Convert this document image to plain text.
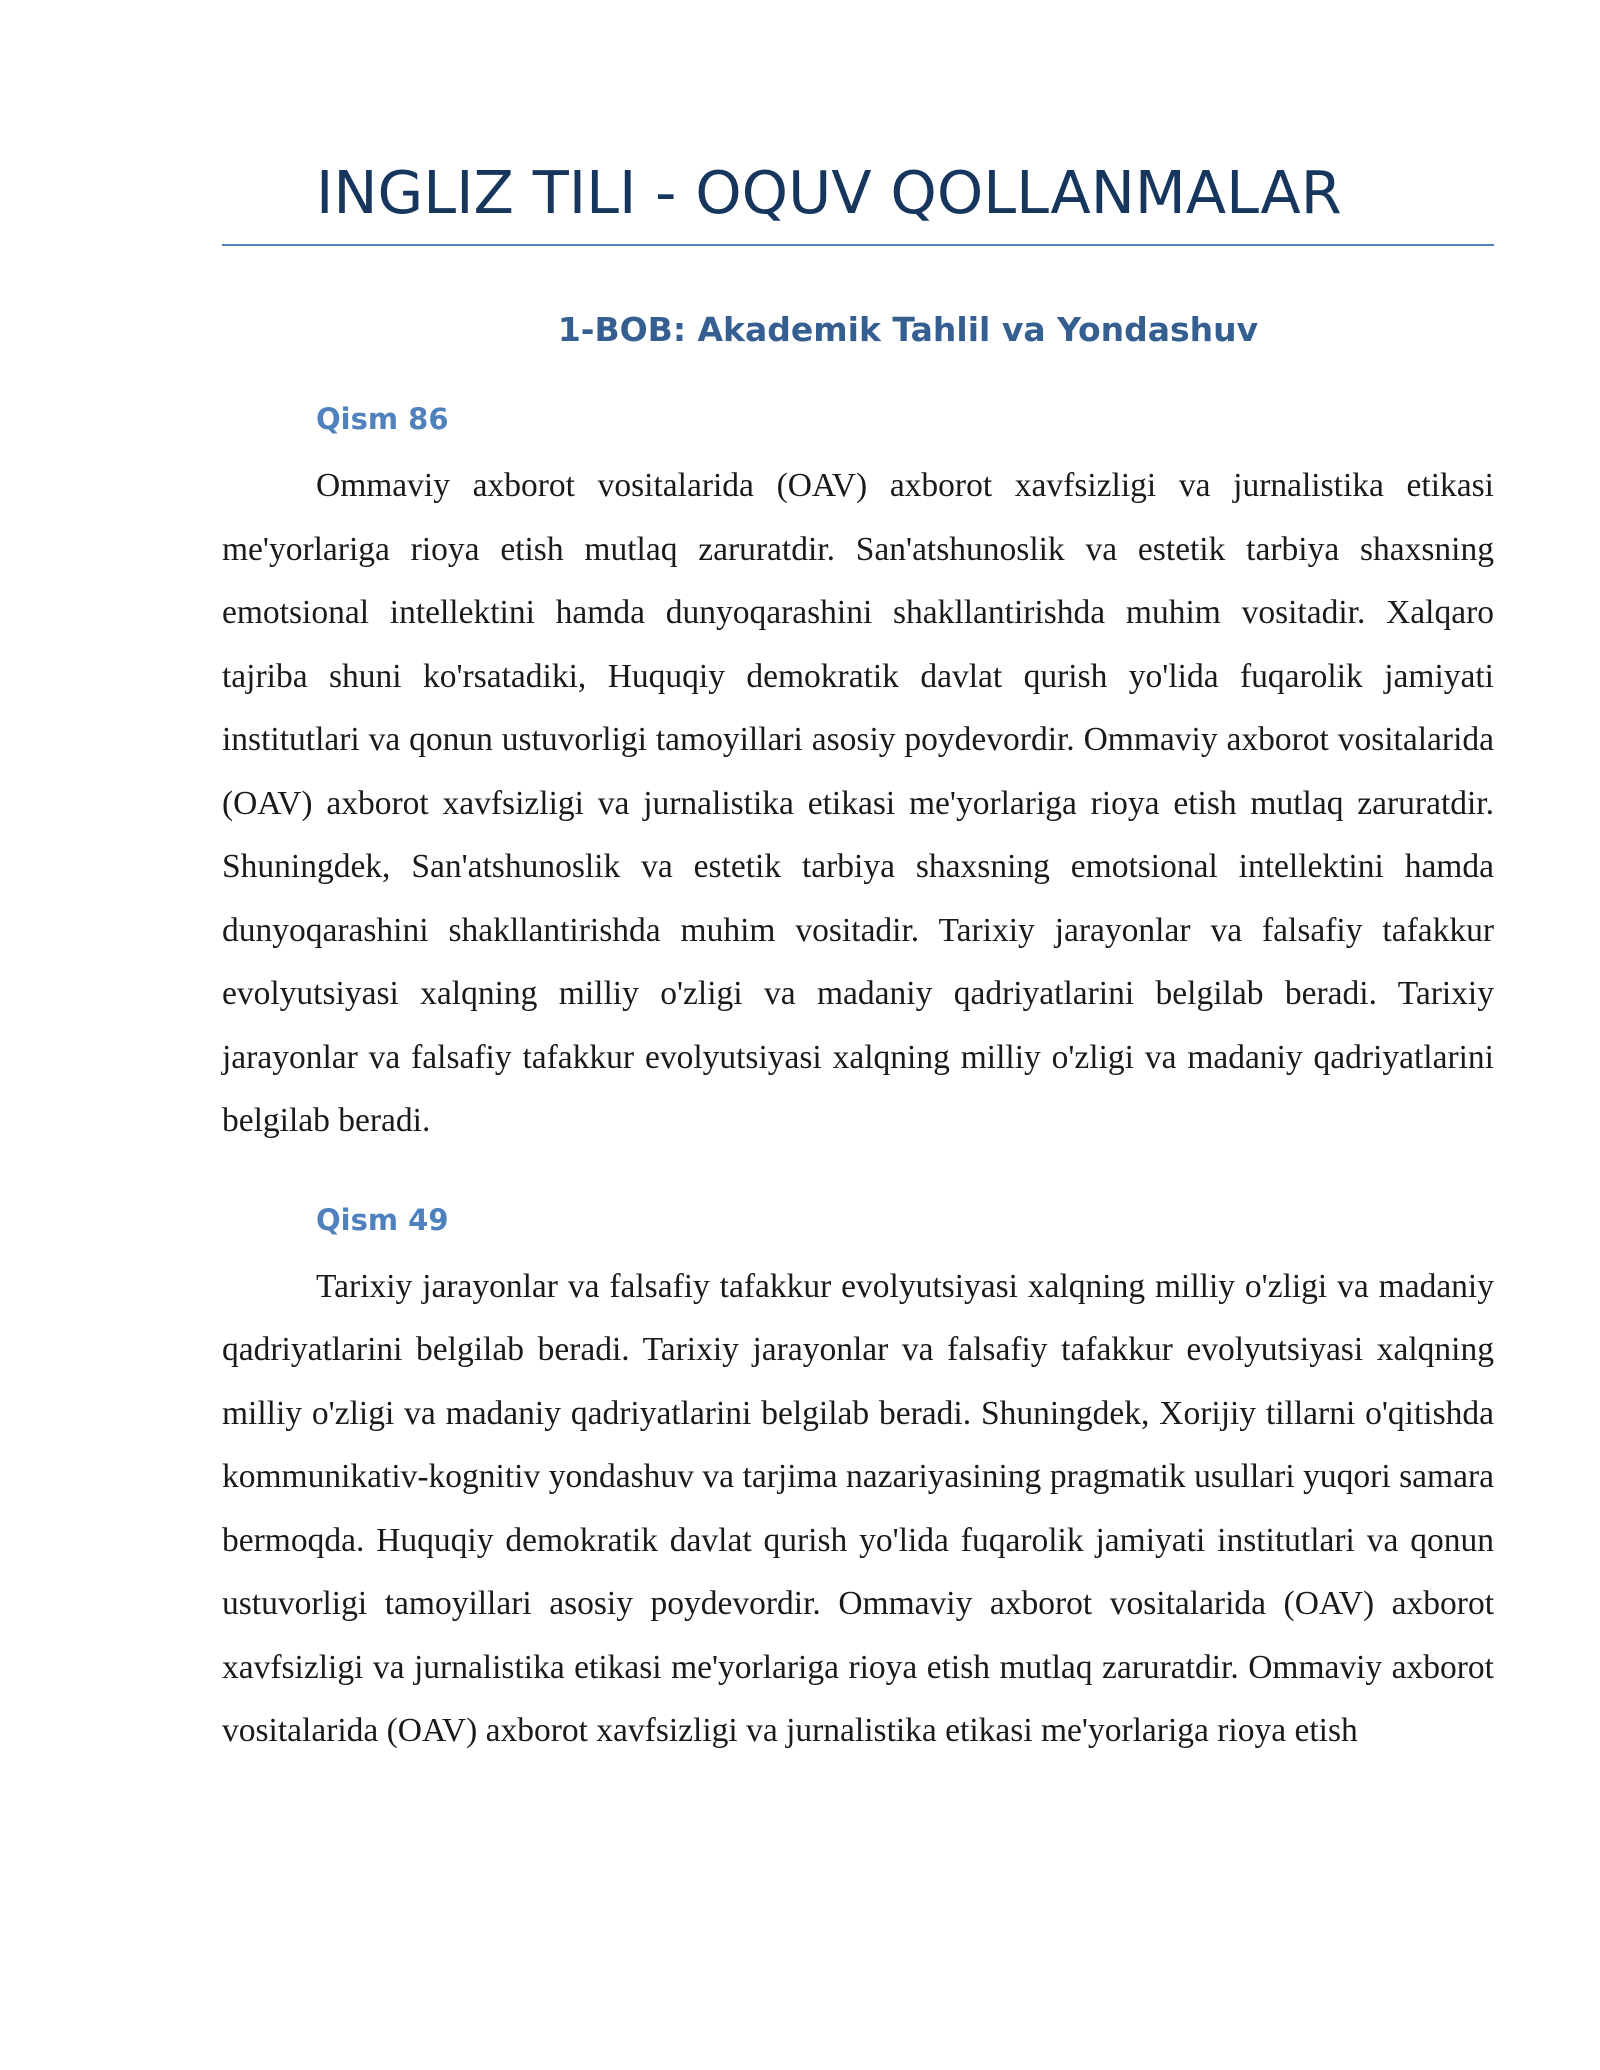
INGLIZ TILI - OQUV QOLLANMALAR
1-BOB: Akademik Tahlil va Yondashuv
Qism 86

Ommaviy axborot vositalarida (OAV) axborot xavfsizligi va jurnalistika etikasi me'yorlariga rioya etish mutlaq zaruratdir. San'atshunoslik va estetik tarbiya shaxsning emotsional intellektini hamda dunyoqarashini shakllantirishda muhim vositadir. Xalqaro tajriba shuni ko'rsatadiki, Huquqiy demokratik davlat qurish yo'lida fuqarolik jamiyati institutlari va qonun ustuvorligi tamoyillari asosiy poydevordir. Ommaviy axborot vositalarida (OAV) axborot xavfsizligi va jurnalistika etikasi me'yorlariga rioya etish mutlaq zaruratdir. Shuningdek, San'atshunoslik va estetik tarbiya shaxsning emotsional intellektini hamda dunyoqarashini shakllantirishda muhim vositadir. Tarixiy jarayonlar va falsafiy tafakkur evolyutsiyasi xalqning milliy o'zligi va madaniy qadriyatlarini belgilab beradi. Tarixiy jarayonlar va falsafiy tafakkur evolyutsiyasi xalqning milliy o'zligi va madaniy qadriyatlarini belgilab beradi.

Qism 49

Tarixiy jarayonlar va falsafiy tafakkur evolyutsiyasi xalqning milliy o'zligi va madaniy qadriyatlarini belgilab beradi. Tarixiy jarayonlar va falsafiy tafakkur evolyutsiyasi xalqning milliy o'zligi va madaniy qadriyatlarini belgilab beradi. Shuningdek, Xorijiy tillarni o'qitishda kommunikativ-kognitiv yondashuv va tarjima nazariyasining pragmatik usullari yuqori samara bermoqda. Huquqiy demokratik davlat qurish yo'lida fuqarolik jamiyati institutlari va qonun ustuvorligi tamoyillari asosiy poydevordir. Ommaviy axborot vositalarida (OAV) axborot xavfsizligi va jurnalistika etikasi me'yorlariga rioya etish mutlaq zaruratdir. Ommaviy axborot vositalarida (OAV) axborot xavfsizligi va jurnalistika etikasi me'yorlariga rioya etish
